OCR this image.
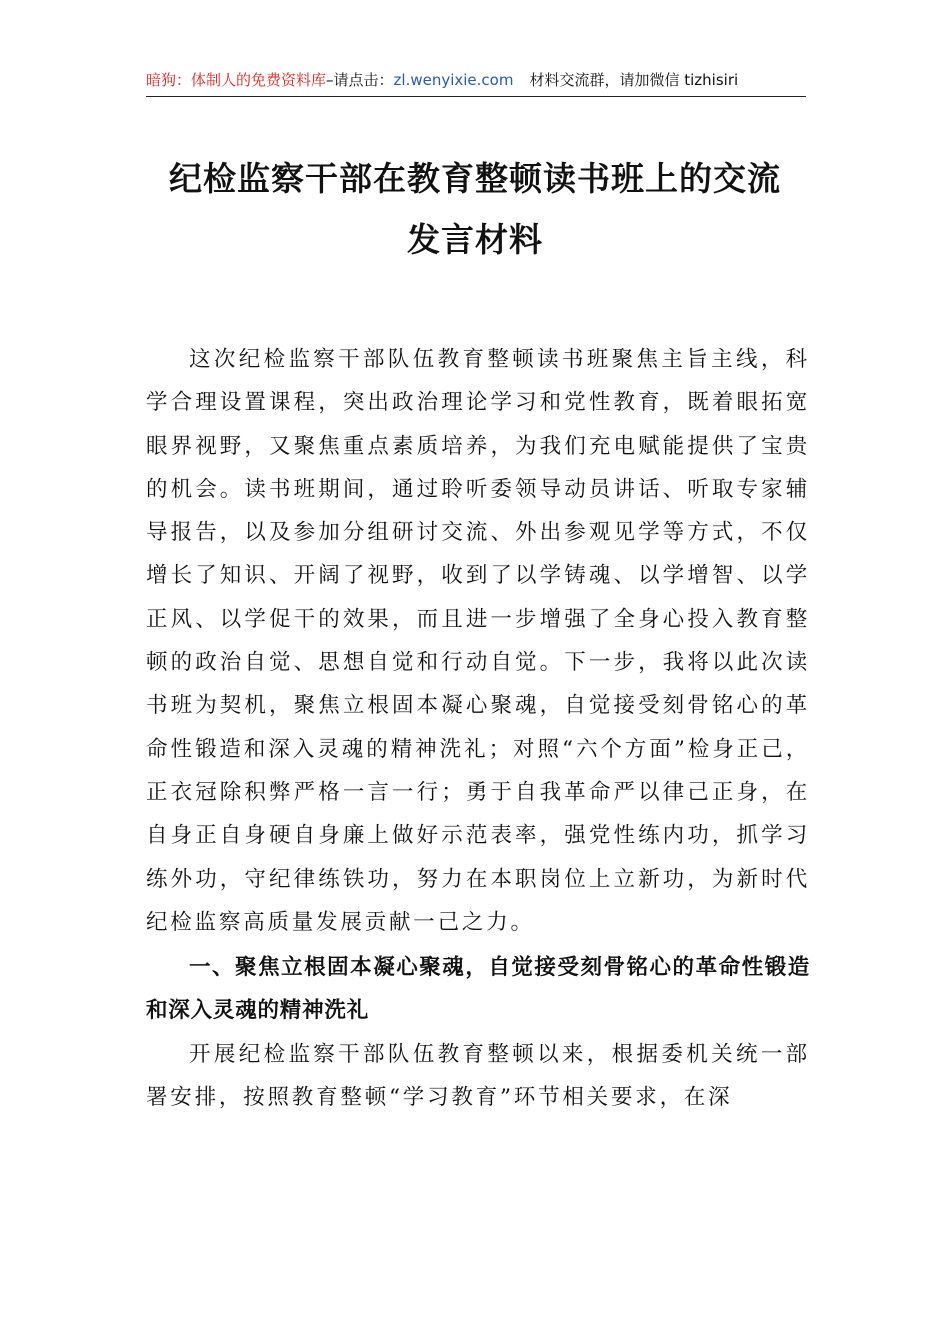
暗狗：体制人的免费资料库–请点击：zl.wenyixie.com 材料交流群，请加微信 tizhisiri
纪检监察干部在教育整顿读书班上的交流
发言材料

这次纪检监察干部队伍教育整顿读书班聚焦主旨主线，科学合理设置课程，突出政治理论学习和党性教育，既着眼拓宽眼界视野，又聚焦重点素质培养，为我们充电赋能提供了宝贵的机会。读书班期间，通过聆听委领导动员讲话、听取专家辅导报告，以及参加分组研讨交流、外出参观见学等方式，不仅增长了知识、开阔了视野，收到了以学铸魂、以学增智、以学正风、以学促干的效果，而且进一步增强了全身心投入教育整顿的政治自觉、思想自觉和行动自觉。下一步，我将以此次读书班为契机，聚焦立根固本凝心聚魂，自觉接受刻骨铭心的革命性锻造和深入灵魂的精神洗礼；对照“六个方面”检身正己，正衣冠除积弊严格一言一行；勇于自我革命严以律己正身，在自身正自身硬自身廉上做好示范表率，强党性练内功，抓学习练外功，守纪律练铁功，努力在本职岗位上立新功，为新时代纪检监察高质量发展贡献一己之力。

一、聚焦立根固本凝心聚魂，自觉接受刻骨铭心的革命性锻造和深入灵魂的精神洗礼

开展纪检监察干部队伍教育整顿以来，根据委机关统一部署安排，按照教育整顿“学习教育”环节相关要求，在深
